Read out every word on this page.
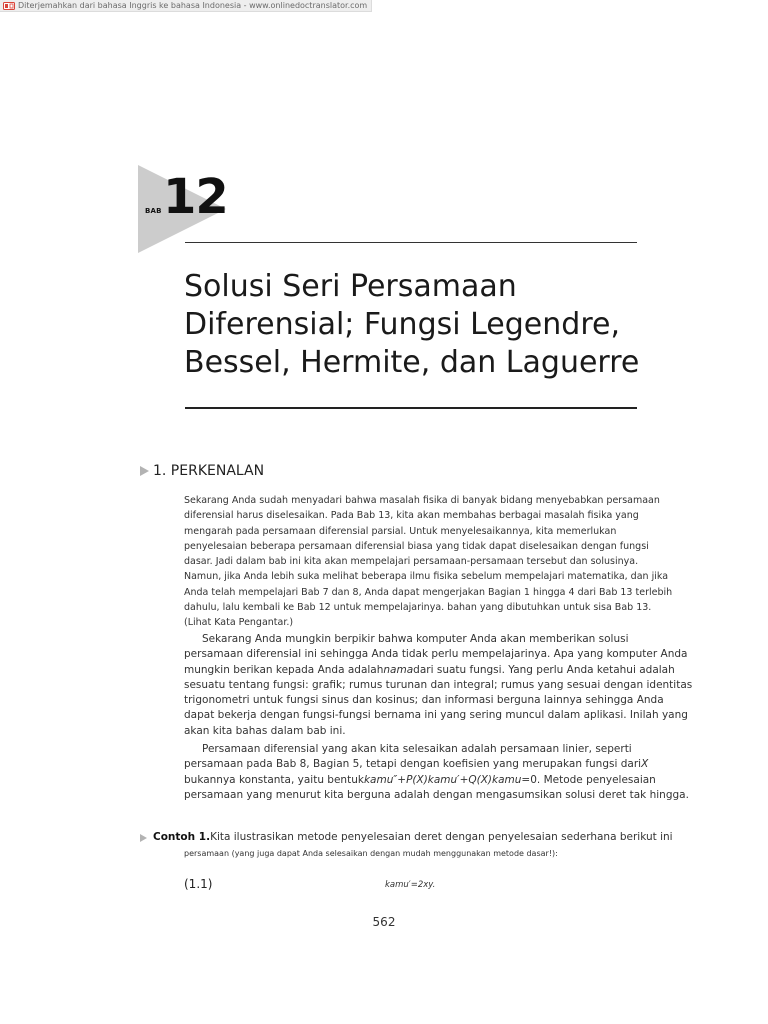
Diterjemahkan dari bahasa Inggris ke bahasa Indonesia - www.onlinedoctranslator.com
BAB 12
Solusi Seri Persamaan
Diferensial; Fungsi Legendre,
Bessel, Hermite, dan Laguerre
1. PERKENALAN
Sekarang Anda sudah menyadari bahwa masalah fisika di banyak bidang menyebabkan persamaan
diferensial harus diselesaikan. Pada Bab 13, kita akan membahas berbagai masalah fisika yang
mengarah pada persamaan diferensial parsial. Untuk menyelesaikannya, kita memerlukan
penyelesaian beberapa persamaan diferensial biasa yang tidak dapat diselesaikan dengan fungsi
dasar. Jadi dalam bab ini kita akan mempelajari persamaan-persamaan tersebut dan solusinya.
Namun, jika Anda lebih suka melihat beberapa ilmu fisika sebelum mempelajari matematika, dan jika
Anda telah mempelajari Bab 7 dan 8, Anda dapat mengerjakan Bagian 1 hingga 4 dari Bab 13 terlebih
dahulu, lalu kembali ke Bab 12 untuk mempelajarinya. bahan yang dibutuhkan untuk sisa Bab 13.
(Lihat Kata Pengantar.)
Sekarang Anda mungkin berpikir bahwa komputer Anda akan memberikan solusi
persamaan diferensial ini sehingga Anda tidak perlu mempelajarinya. Apa yang komputer Anda
mungkin berikan kepada Anda adalahnamadari suatu fungsi. Yang perlu Anda ketahui adalah
sesuatu tentang fungsi: grafik; rumus turunan dan integral; rumus yang sesuai dengan identitas
trigonometri untuk fungsi sinus dan kosinus; dan informasi berguna lainnya sehingga Anda
dapat bekerja dengan fungsi-fungsi bernama ini yang sering muncul dalam aplikasi. Inilah yang
akan kita bahas dalam bab ini.
Persamaan diferensial yang akan kita selesaikan adalah persamaan linier, seperti
persamaan pada Bab 8, Bagian 5, tetapi dengan koefisien yang merupakan fungsi dariX
bukannya konstanta, yaitu bentukkamu″+P(X)kamu′+Q(X)kamu=0. Metode penyelesaian
persamaan yang menurut kita berguna adalah dengan mengasumsikan solusi deret tak hingga.
Contoh 1.Kita ilustrasikan metode penyelesaian deret dengan penyelesaian sederhana berikut ini
persamaan (yang juga dapat Anda selesaikan dengan mudah menggunakan metode dasar!):
(1.1)	kamu′=2xy.
562
